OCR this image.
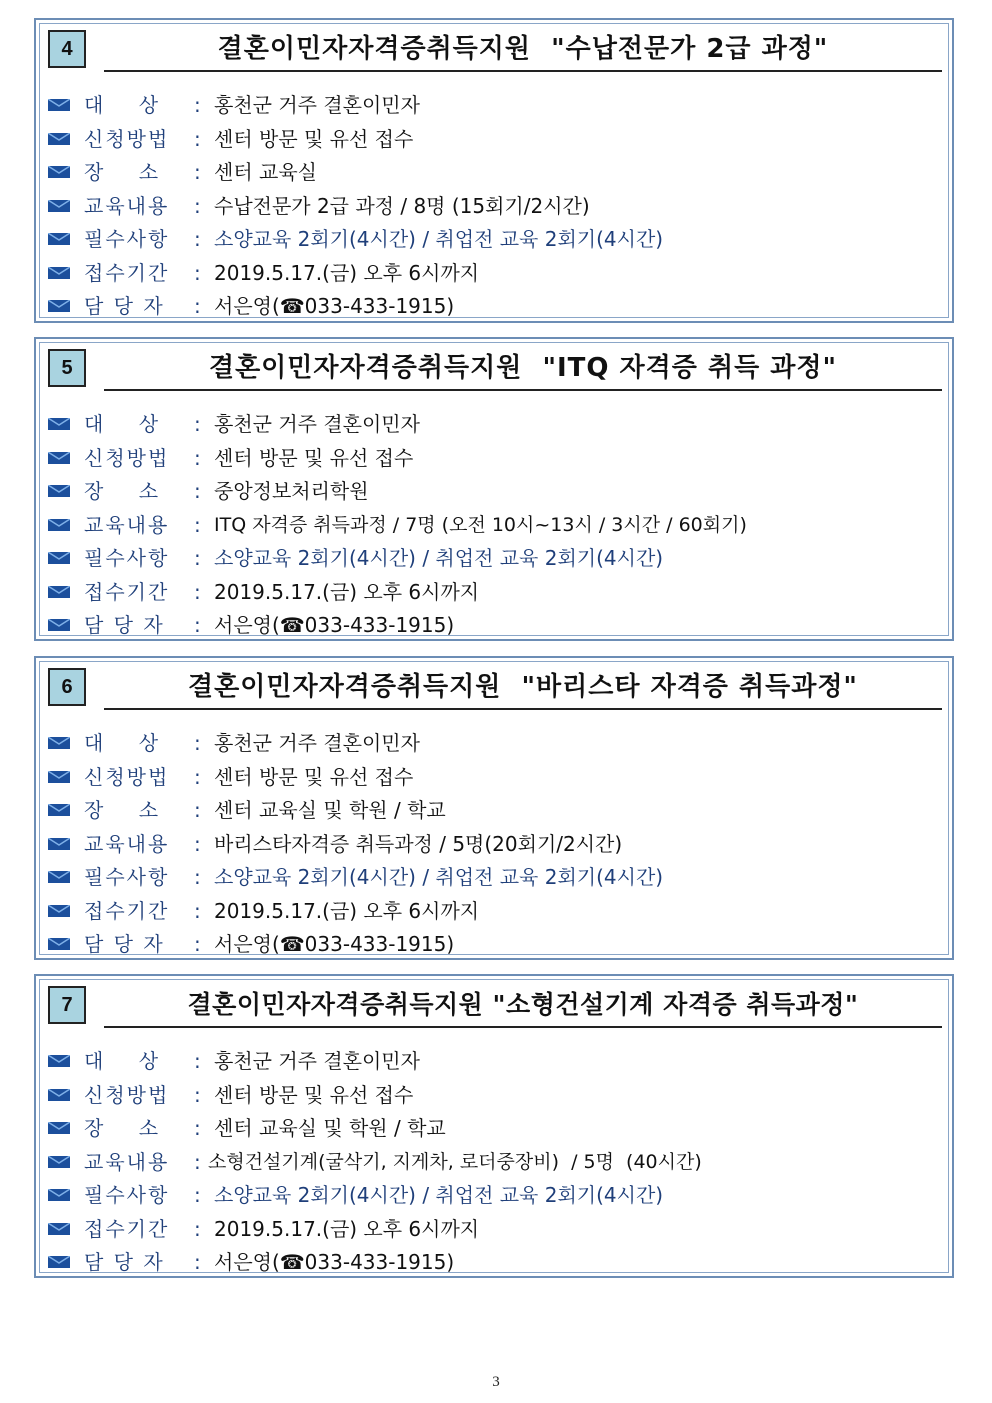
4	결혼이민자자격증취득지원  "수납전문가 2급 과정"
대    상 : 홍천군 거주 결혼이민자
신청방법 : 센터 방문 및 유선 접수
장    소 : 센터 교육실
교육내용 : 수납전문가 2급 과정 / 8명 (15회기/2시간)
필수사항 : 소양교육 2회기(4시간) / 취업전 교육 2회기(4시간)
접수기간 : 2019.5.17.(금) 오후 6시까지
담 당 자 : 서은영(☎033-433-1915)
5	결혼이민자자격증취득지원  "ITQ 자격증 취득 과정"
대    상 : 홍천군 거주 결혼이민자
신청방법 : 센터 방문 및 유선 접수
장    소 : 중앙정보처리학원
교육내용 : ITQ 자격증 취득과정 / 7명 (오전 10시~13시 / 3시간 / 60회기)
필수사항 : 소양교육 2회기(4시간) / 취업전 교육 2회기(4시간)
접수기간 : 2019.5.17.(금) 오후 6시까지
담 당 자 : 서은영(☎033-433-1915)
6	결혼이민자자격증취득지원  "바리스타 자격증 취득과정"
대    상 : 홍천군 거주 결혼이민자
신청방법 : 센터 방문 및 유선 접수
장    소 : 센터 교육실 및 학원 / 학교
교육내용 : 바리스타자격증 취득과정 / 5명(20회기/2시간)
필수사항 : 소양교육 2회기(4시간) / 취업전 교육 2회기(4시간)
접수기간 : 2019.5.17.(금) 오후 6시까지
담 당 자 : 서은영(☎033-433-1915)
7	결혼이민자자격증취득지원 "소형건설기계 자격증 취득과정"
대    상 : 홍천군 거주 결혼이민자
신청방법 : 센터 방문 및 유선 접수
장    소 : 센터 교육실 및 학원 / 학교
교육내용 : 소형건설기계(굴삭기, 지게차, 로더중장비)  / 5명  (40시간)
필수사항 : 소양교육 2회기(4시간) / 취업전 교육 2회기(4시간)
접수기간 : 2019.5.17.(금) 오후 6시까지
담 당 자 : 서은영(☎033-433-1915)
3
